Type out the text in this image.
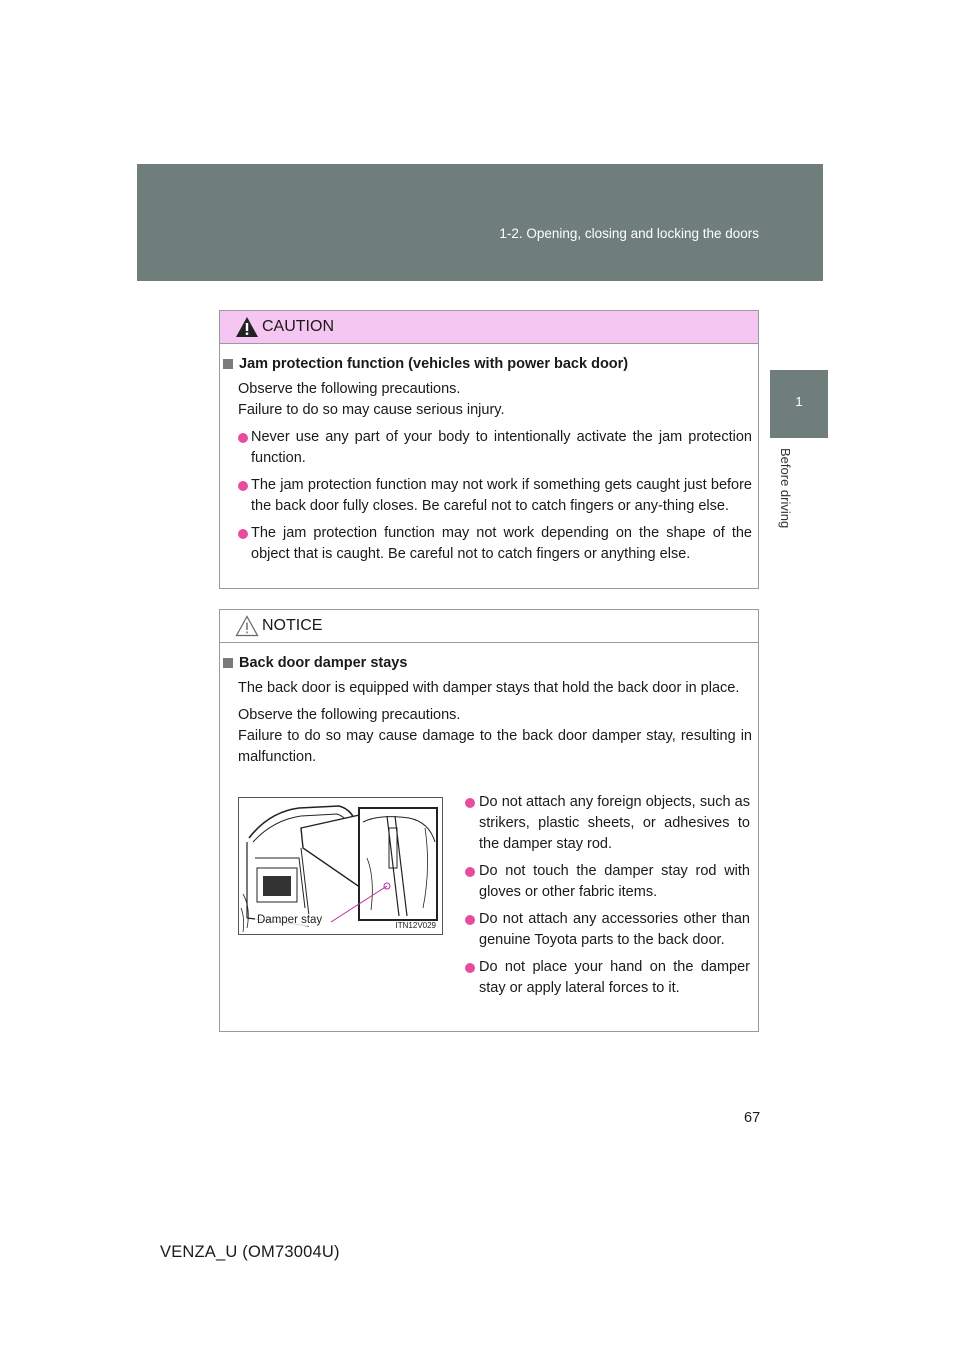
1-2. Opening, closing and locking the doors
1
Before driving
CAUTION
Jam protection function (vehicles with power back door)
Observe the following precautions.
Failure to do so may cause serious injury.
Never use any part of your body to intentionally activate the jam protection function.
The jam protection function may not work if something gets caught just before the back door fully closes. Be careful not to catch fingers or any-thing else.
The jam protection function may not work depending on the shape of the object that is caught. Be careful not to catch fingers or anything else.
NOTICE
Back door damper stays
The back door is equipped with damper stays that hold the back door in place.
Observe the following precautions.
Failure to do so may cause damage to the back door damper stay, resulting in malfunction.
Damper stay	ITN12V029
Do not attach any foreign objects, such as strikers, plastic sheets, or adhesives to the damper stay rod.
Do not touch the damper stay rod with gloves or other fabric items.
Do not attach any accessories other than genuine Toyota parts to the back door.
Do not place your hand on the damper stay or apply lateral forces to it.
67
VENZA_U (OM73004U)
